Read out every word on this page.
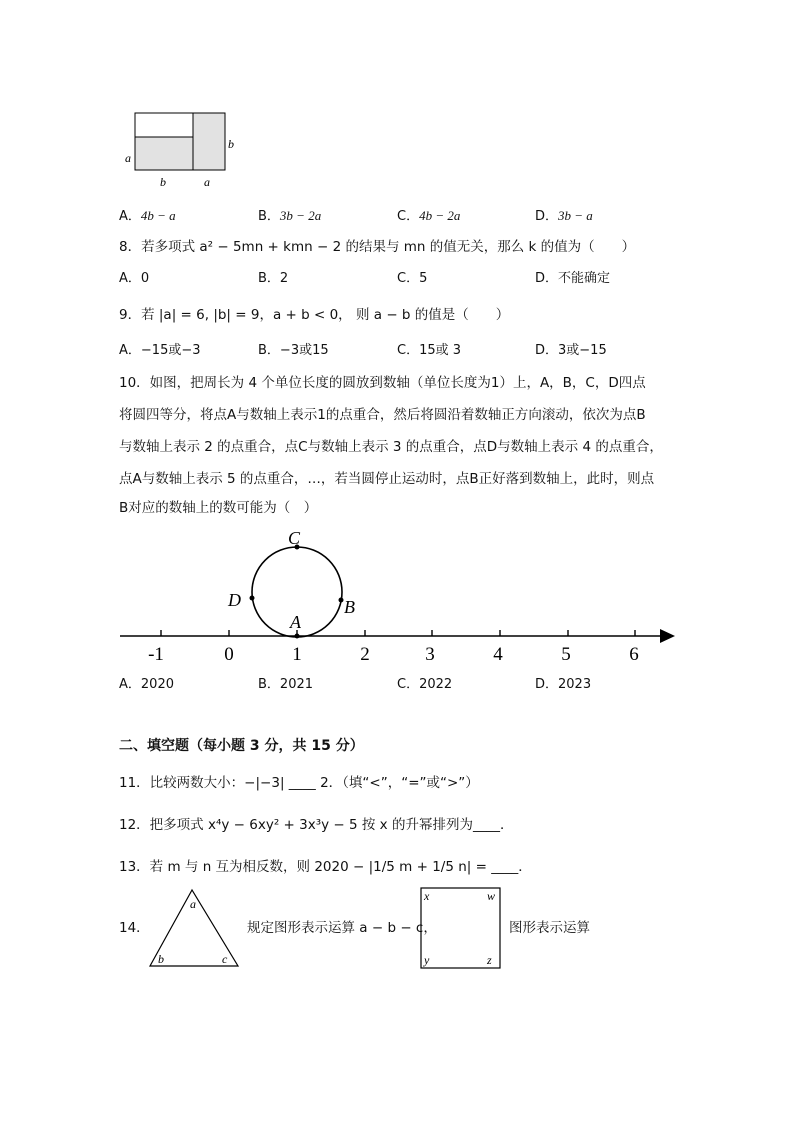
a
b
b	a
A．4b − a	B．3b − 2a	C．4b − 2a	D．3b − a
8．若多项式 a² − 5mn + kmn − 2 的结果与 mn 的值无关，那么 k 的值为（　　）
A．0	B．2	C．5	D．不能确定
9．若 |a| = 6, |b| = 9，a + b < 0， 则 a − b 的值是（　　）
A．−15或−3	B．−3或15	C．15或 3	D．3或−15
10．如图，把周长为 4 个单位长度的圆放到数轴（单位长度为1）上，A，B，C，D四点
将圆四等分，将点A与数轴上表示1的点重合，然后将圆沿着数轴正方向滚动，依次为点B
与数轴上表示 2 的点重合，点C与数轴上表示 3 的点重合，点D与数轴上表示 4 的点重合，
点A与数轴上表示 5 的点重合，…，若当圆停止运动时，点B正好落到数轴上，此时，则点
B对应的数轴上的数可能为（　）
-1	0	1	2	3	4	5	6
A
B
C
D
A．2020	B．2021	C．2022	D．2023
二、填空题（每小题 3 分，共 15 分）
11．比较两数大小：−|−3| ____ 2．（填“<”，“=”或“>”）
12．把多项式 x⁴y − 6xy² + 3x³y − 5 按 x 的升幂排列为____．
13．若 m 与 n 互为相反数，则 2020 − |1/5 m + 1/5 n| = ____．
14．
a
b	c
规定图形表示运算 a − b − c，
x	w
y	z
图形表示运算
